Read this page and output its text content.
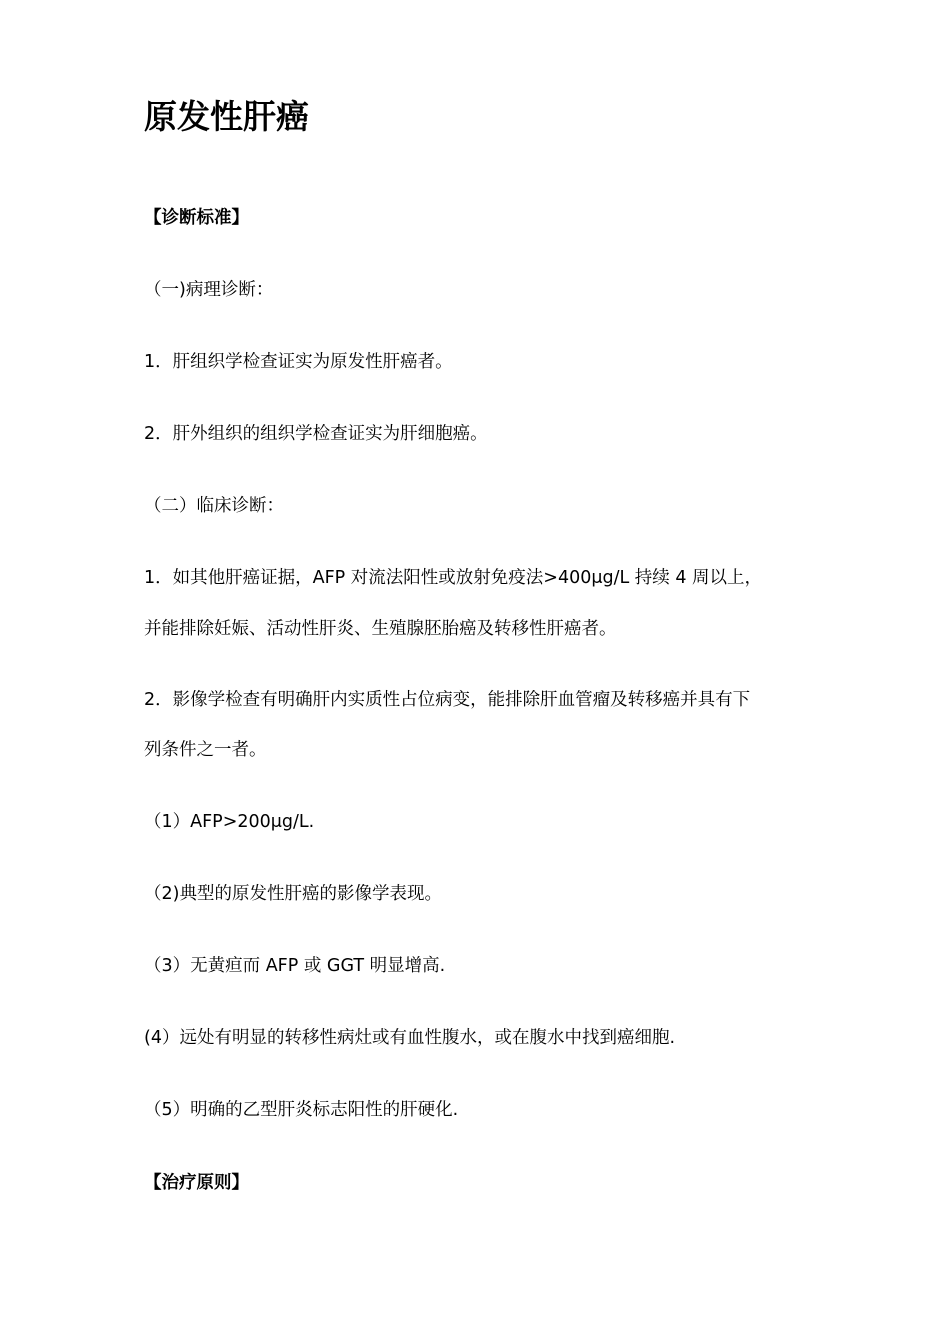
原发性肝癌
【诊断标准】
（一)病理诊断：
1．肝组织学检查证实为原发性肝癌者。
2．肝外组织的组织学检查证实为肝细胞癌。
（二）临床诊断：
1．如其他肝癌证据，AFP 对流法阳性或放射免疫法>400μg/L 持续 4 周以上，
并能排除妊娠、活动性肝炎、生殖腺胚胎癌及转移性肝癌者。
2．影像学检查有明确肝内实质性占位病变，能排除肝血管瘤及转移癌并具有下
列条件之一者。
（1）AFP>200μg/L.
（2)典型的原发性肝癌的影像学表现。
（3）无黄疸而 AFP 或 GGT 明显增高.
(4）远处有明显的转移性病灶或有血性腹水，或在腹水中找到癌细胞.
（5）明确的乙型肝炎标志阳性的肝硬化.
【治疗原则】
